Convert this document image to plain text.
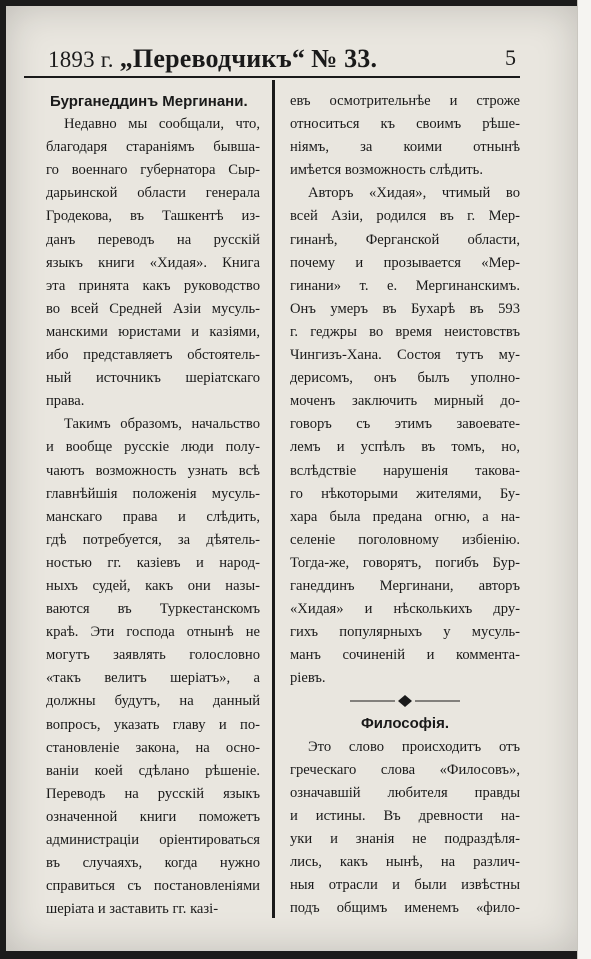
1893 г. „Переводчикъ“ № 33.	5
Бурганеддинъ Мергинани.
Недавно мы сообщали, что,
благодаря стараніямъ бывша-
го военнаго губернатора Сыр-
дарьинской области генерала
Гродекова, въ Ташкентѣ из-
данъ переводъ на русскій
языкъ книги «Хидая». Книга
эта принята какъ руководство
во всей Средней Азіи мусуль-
манскими юристами и казіями,
ибо представляетъ обстоятель-
ный источникъ шеріатскаго
права.
Такимъ образомъ, начальство
и вообще русскіе люди полу-
чаютъ возможность узнать всѣ
главнѣйшія положенія мусуль-
манскаго права и слѣдить,
гдѣ потребуется, за дѣятель-
ностью гг. казіевъ и народ-
ныхъ судей, какъ они назы-
ваются въ Туркестанскомъ
краѣ. Эти господа отнынѣ не
могутъ заявлять голословно
«такъ велитъ шеріатъ», а
должны будутъ, на данный
вопросъ, указать главу и по-
становленіе закона, на осно-
ваніи коей сдѣлано рѣшеніе.
Переводъ на русскій языкъ
означенной книги поможетъ
администраціи оріентироваться
въ случаяхъ, когда нужно
справиться съ постановленіями
шеріата и заставить гг. казі-
евъ осмотрительнѣе и строже
относиться къ своимъ рѣше-
ніямъ, за коими отнынѣ
имѣется возможность слѣдить.
Авторъ «Хидая», чтимый во
всей Азіи, родился въ г. Мер-
гинанѣ, Ферганской области,
почему и прозывается «Мер-
гинани» т. е. Мергинанскимъ.
Онъ умеръ въ Бухарѣ въ 593
г. геджры во время неистовствъ
Чингизъ-Хана. Состоя тутъ му-
дерисомъ, онъ былъ уполно-
моченъ заключить мирный до-
говоръ съ этимъ завоевате-
лемъ и успѣлъ въ томъ, но,
вслѣдствіе нарушенія таковa-
го нѣкоторыми жителями, Бу-
хара была предана огню, а на-
селеніе поголовному избіенію.
Тогда-же, говорятъ, погибъ Бур-
ганеддинъ Мергинани, авторъ
«Хидая» и нѣсколькихъ дру-
гихъ популярныхъ у мусуль-
манъ сочиненій и коммента-
ріевъ.
Философія.
Это слово происходитъ отъ
греческаго слова «Филосовъ»,
означавшій любителя правды
и истины. Въ древности на-
уки и знанія не подраздѣля-
лись, какъ нынѣ, на различ-
ныя отрасли и были извѣстны
подъ общимъ именемъ «фило-
